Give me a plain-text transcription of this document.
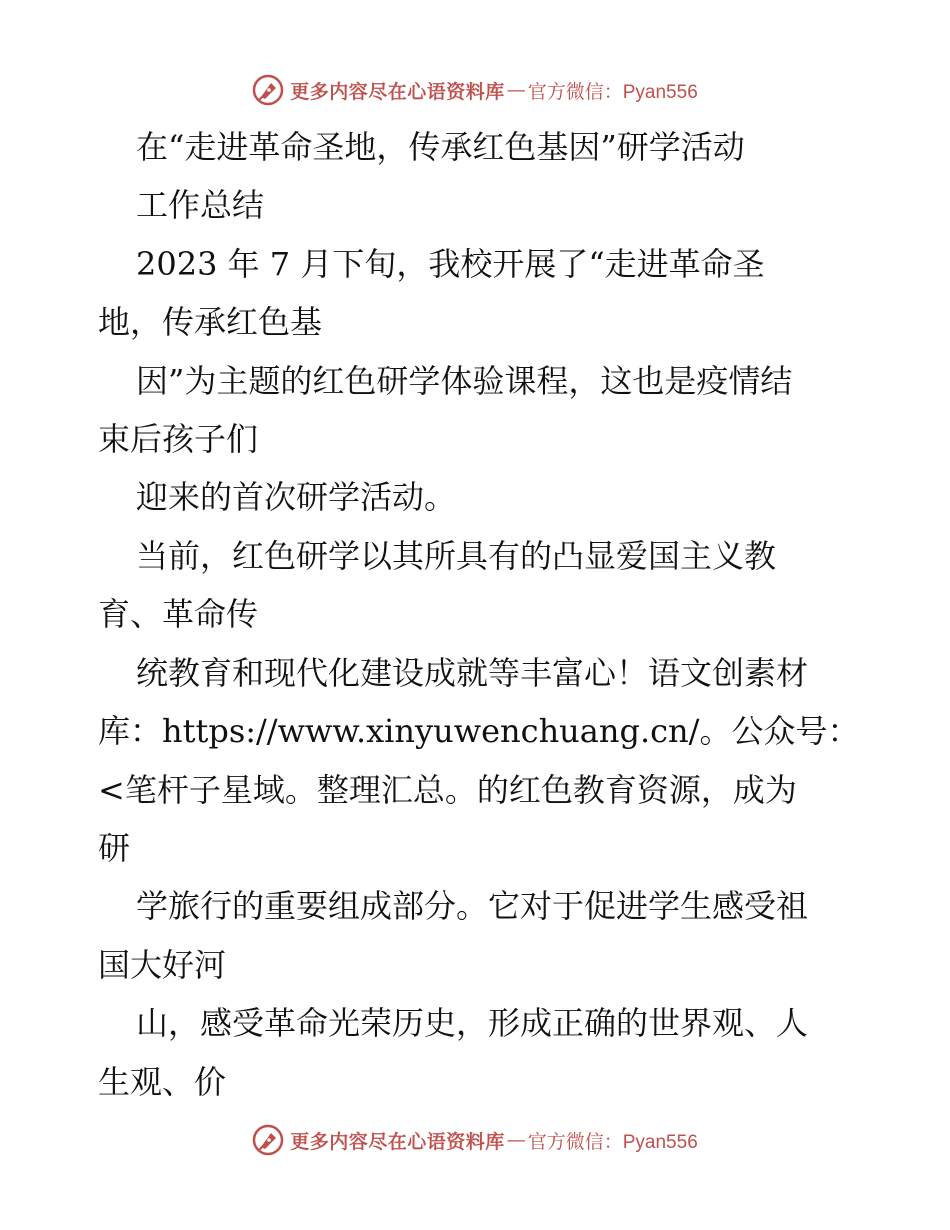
更多内容尽在心语资料库 — 官方微信：Pyan556
在“走进革命圣地，传承红色基因”研学活动
工作总结
2023 年 7 月下旬，我校开展了“走进革命圣
地，传承红色基
因”为主题的红色研学体验课程，这也是疫情结
束后孩子们
迎来的首次研学活动。
当前，红色研学以其所具有的凸显爱国主义教
育、革命传
统教育和现代化建设成就等丰富心！语文创素材
库：https://www.xinyuwenchuang.cn/。公众号：
<笔杆子星域。整理汇总。的红色教育资源，成为
研
学旅行的重要组成部分。它对于促进学生感受祖
国大好河
山，感受革命光荣历史，形成正确的世界观、人
生观、价
更多内容尽在心语资料库 — 官方微信：Pyan556
